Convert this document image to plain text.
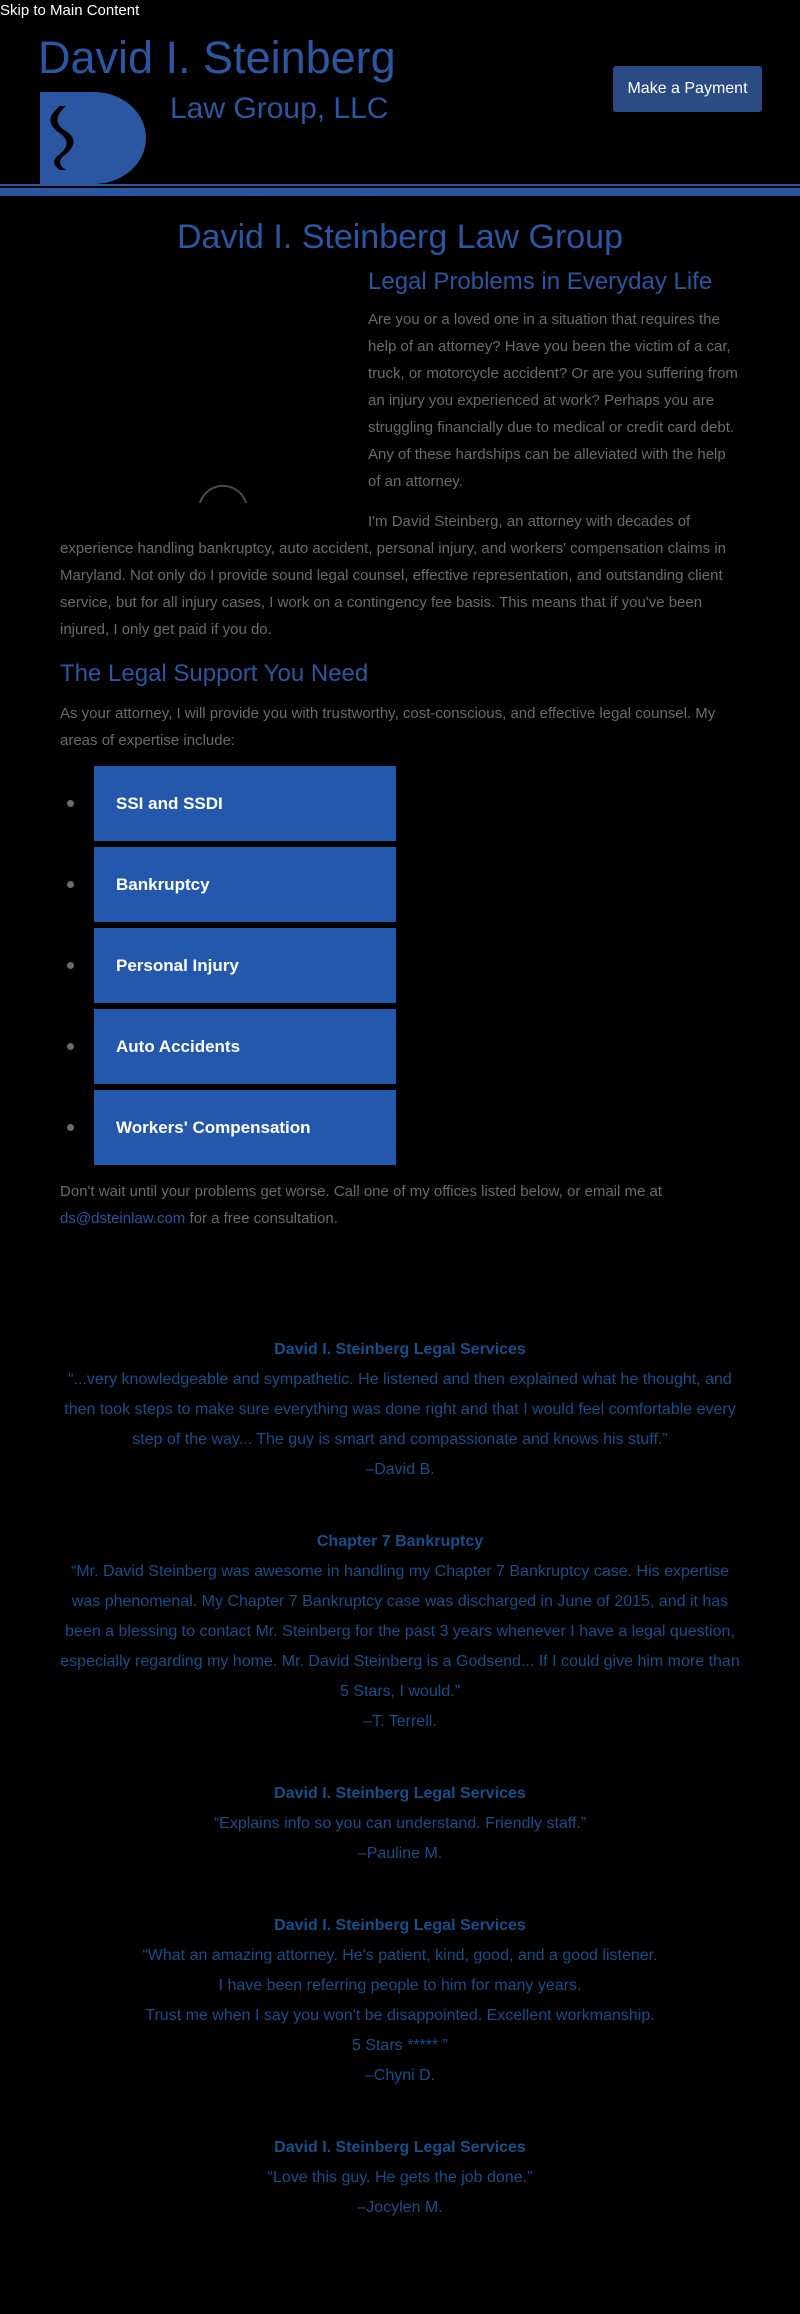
Skip to Main Content
David I. Steinberg
Law Group, LLC
Make a Payment
David I. Steinberg Law Group
Legal Problems in Everyday Life
Are you or a loved one in a situation that requires the help of an attorney? Have you been the victim of a car, truck, or motorcycle accident? Or are you suffering from an injury you experienced at work? Perhaps you are struggling financially due to medical or credit card debt. Any of these hardships can be alleviated with the help of an attorney.
I'm David Steinberg, an attorney with decades of experience handling bankruptcy, auto accident, personal injury, and workers' compensation claims in Maryland. Not only do I provide sound legal counsel, effective representation, and outstanding client service, but for all injury cases, I work on a contingency fee basis. This means that if you've been injured, I only get paid if you do.
The Legal Support You Need
As your attorney, I will provide you with trustworthy, cost-conscious, and effective legal counsel. My areas of expertise include:
SSI and SSDI
Bankruptcy
Personal Injury
Auto Accidents
Workers' Compensation
Don't wait until your problems get worse. Call one of my offices listed below, or email me at
ds@dsteinlaw.com for a free consultation.
David I. Steinberg Legal Services
“...very knowledgeable and sympathetic. He listened and then explained what he thought, and then took steps to make sure everything was done right and that I would feel comfortable every step of the way... The guy is smart and compassionate and knows his stuff.”
–David B.
Chapter 7 Bankruptcy
“Mr. David Steinberg was awesome in handling my Chapter 7 Bankruptcy case. His expertise was phenomenal. My Chapter 7 Bankruptcy case was discharged in June of 2015, and it has been a blessing to contact Mr. Steinberg for the past 3 years whenever I have a legal question, especially regarding my home. Mr. David Steinberg is a Godsend... If I could give him more than 5 Stars, I would.”
–T. Terrell.
David I. Steinberg Legal Services
“Explains info so you can understand. Friendly staff.”
–Pauline M.
David I. Steinberg Legal Services
“What an amazing attorney. He's patient, kind, good, and a good listener.
I have been referring people to him for many years.
Trust me when I say you won't be disappointed. Excellent workmanship.
5 Stars ***** ”
–Chyni D.
David I. Steinberg Legal Services
“Love this guy. He gets the job done.”
–Jocylen M.
